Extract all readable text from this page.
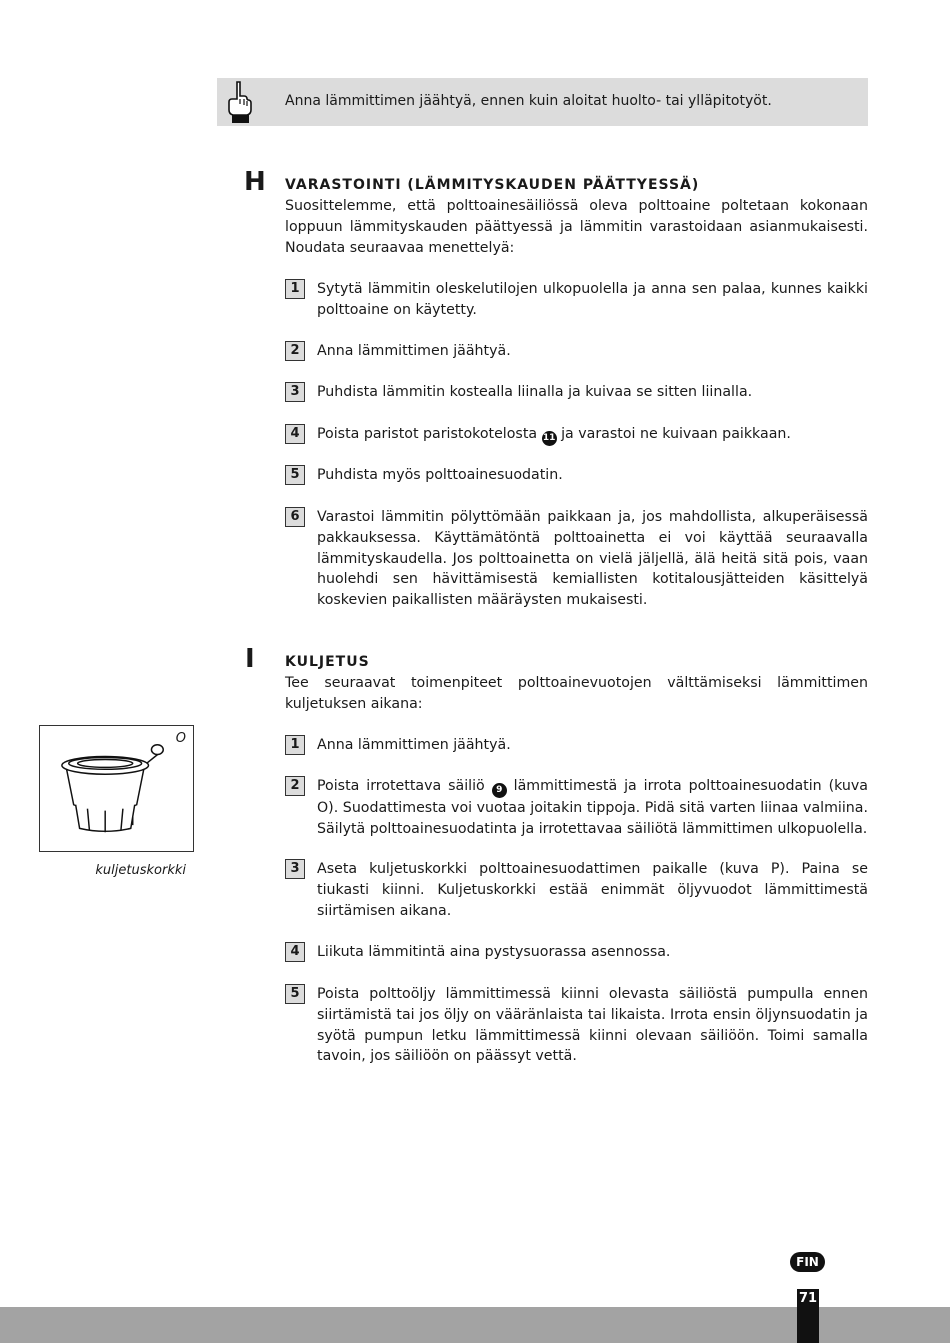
Anna lämmittimen jäähtyä, ennen kuin aloitat huolto- tai ylläpitotyöt.
H VARASTOINTI (LÄMMITYSKAUDEN PÄÄTTYESSÄ)
Suosittelemme, että polttoainesäiliössä oleva polttoaine poltetaan kokonaan loppuun lämmityskauden päättyessä ja lämmitin varastoidaan asianmukaisesti. Noudata seuraavaa menettelyä:
1	Sytytä lämmitin oleskelutilojen ulkopuolella ja anna sen palaa, kunnes kaikki polttoaine on käytetty.
2	Anna lämmittimen jäähtyä.
3	Puhdista lämmitin kostealla liinalla ja kuivaa se sitten liinalla.
4	Poista paristot paristokotelosta 11 ja varastoi ne kuivaan paikkaan.
5	Puhdista myös polttoainesuodatin.
6	Varastoi lämmitin pölyttömään paikkaan ja, jos mahdollista, alkuperäisessä pakkauksessa. Käyttämätöntä polttoainetta ei voi käyttää seuraavalla lämmityskaudella. Jos polttoainetta on vielä jäljellä, älä heitä sitä pois, vaan huolehdi sen hävittämisestä kemiallisten kotitalousjätteiden käsittelyä koskevien paikallisten määräysten mukaisesti.
I KULJETUS
Tee seuraavat toimenpiteet polttoainevuotojen välttämiseksi lämmittimen kuljetuksen aikana:
1	Anna lämmittimen jäähtyä.
2	Poista irrotettava säiliö 9 lämmittimestä ja irrota polttoainesuodatin (kuva O). Suodattimesta voi vuotaa joitakin tippoja. Pidä sitä varten liinaa valmiina. Säilytä polttoainesuodatinta ja irrotettavaa säiliötä lämmittimen ulkopuolella.
3	Aseta kuljetuskorkki polttoainesuodattimen paikalle (kuva P). Paina se tiukasti kiinni. Kuljetuskorkki estää enimmät öljyvuodot lämmittimestä siirtämisen aikana.
4	Liikuta lämmitintä aina pystysuorassa asennossa.
5	Poista polttoöljy lämmittimessä kiinni olevasta säiliöstä pumpulla ennen siirtämistä tai jos öljy on vääränlaista tai likaista. Irrota ensin öljynsuodatin ja syötä pumpun letku lämmittimessä kiinni olevaan säiliöön. Toimi samalla tavoin, jos säiliöön on päässyt vettä.
O
kuljetuskorkki
FIN
71
